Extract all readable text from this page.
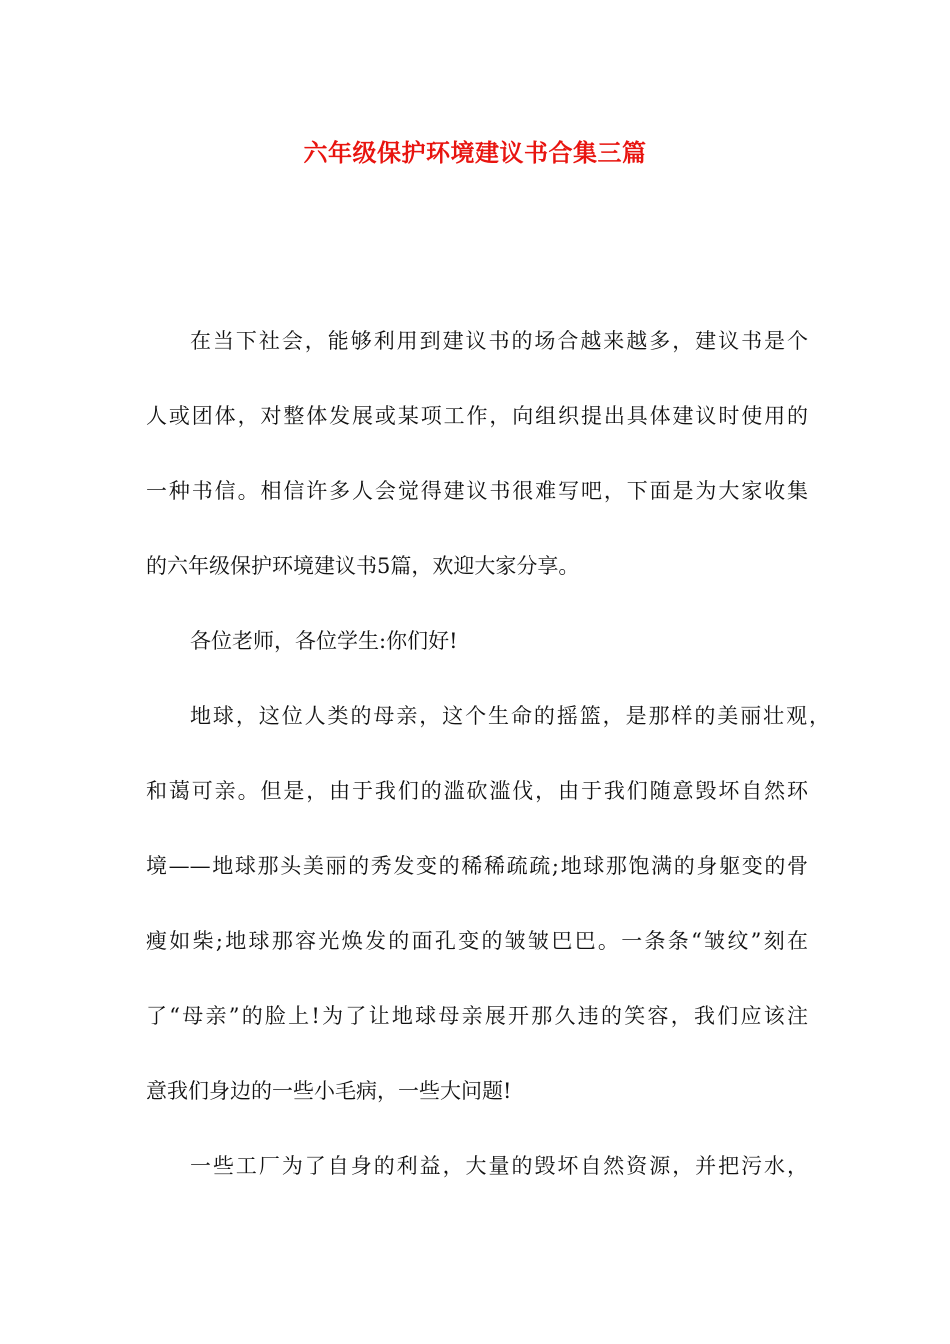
六年级保护环境建议书合集三篇
在当下社会，能够利用到建议书的场合越来越多，建议书是个
人或团体，对整体发展或某项工作，向组织提出具体建议时使用的
一种书信。相信许多人会觉得建议书很难写吧，下面是为大家收集
的六年级保护环境建议书5篇，欢迎大家分享。
各位老师，各位学生:你们好!
地球，这位人类的母亲，这个生命的摇篮，是那样的美丽壮观，
和蔼可亲。但是，由于我们的滥砍滥伐，由于我们随意毁坏自然环
境——地球那头美丽的秀发变的稀稀疏疏;地球那饱满的身躯变的骨
瘦如柴;地球那容光焕发的面孔变的皱皱巴巴。一条条“皱纹”刻在
了“母亲”的脸上!为了让地球母亲展开那久违的笑容，我们应该注
意我们身边的一些小毛病，一些大问题!
一些工厂为了自身的利益，大量的毁坏自然资源，并把污水，
